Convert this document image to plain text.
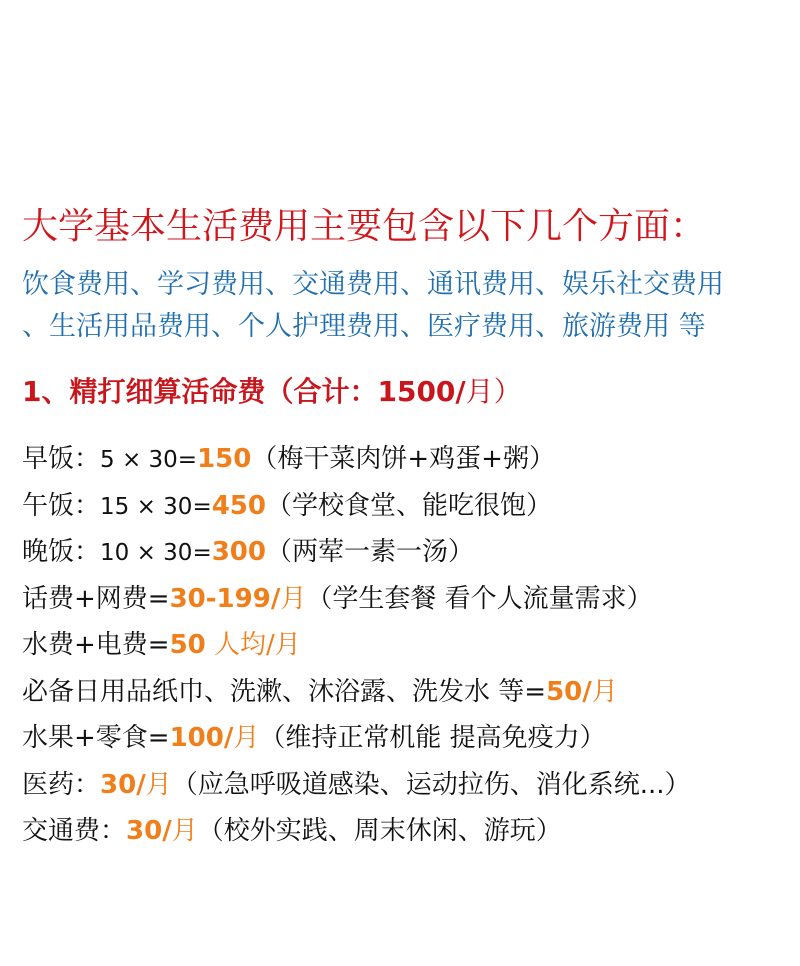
大学基本生活费用主要包含以下几个方面：
饮食费用、学习费用、交通费用、通讯费用、娱乐社交费用
、生活用品费用、个人护理费用、医疗费用、旅游费用 等
1、精打细算活命费（合计：1500/月）
早饭：5 × 30=150（梅干菜肉饼+鸡蛋+粥）
午饭：15 × 30=450（学校食堂、能吃很饱）
晚饭：10 × 30=300（两荤一素一汤）
话费+网费=30-199/月（学生套餐 看个人流量需求）
水费+电费=50 人均/月
必备日用品纸巾、洗漱、沐浴露、洗发水 等=50/月
水果+零食=100/月（维持正常机能 提高免疫力）
医药：30/月（应急呼吸道感染、运动拉伤、消化系统...）
交通费：30/月（校外实践、周末休闲、游玩）
